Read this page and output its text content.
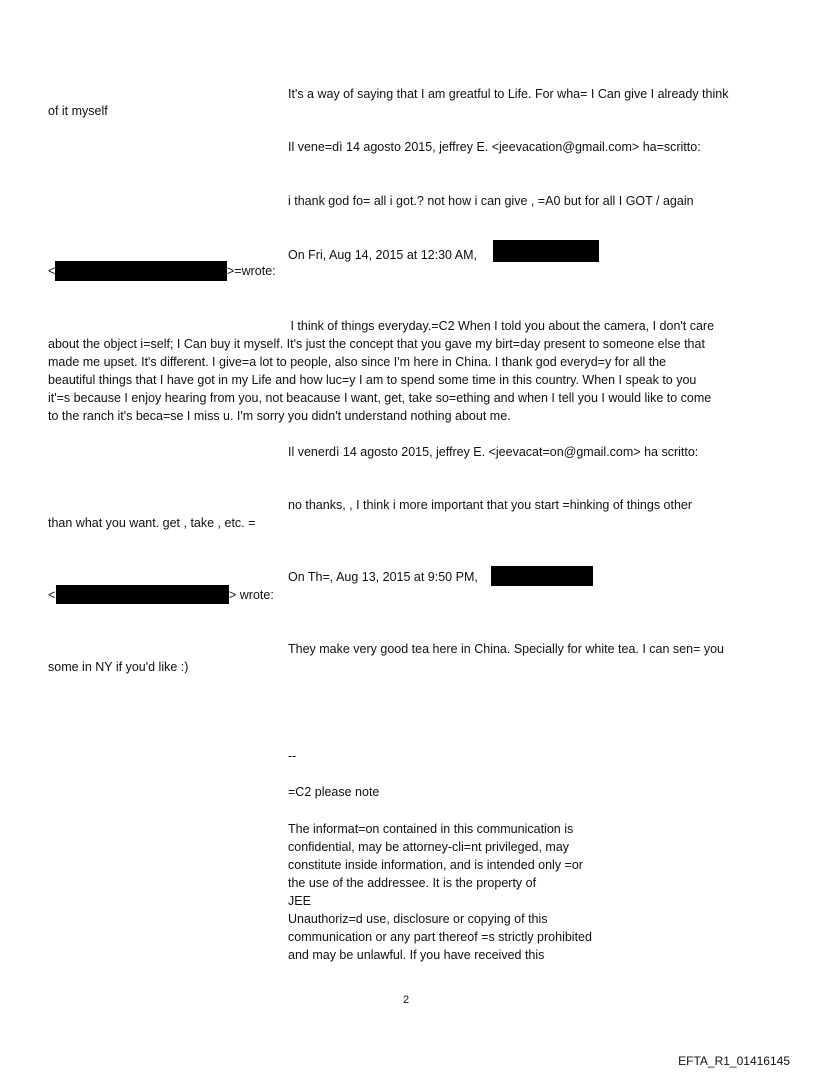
It's a way of saying that I am greatful to Life. For wha= I Can give I already think
of it myself
Il vene=dì 14 agosto 2015, jeffrey E. <jeevacation@gmail.com> ha=scritto:
i thank god fo= all i got.? not how i can give , =A0 but for all I GOT / again
On Fri, Aug 14, 2015 at 12:30 AM,
<	>=wrote:
I think of things everyday.=C2 When I told you about the camera, I don't care
about the object i=self; I Can buy it myself. It's just the concept that you gave my birt=day present to someone else that
made me upset. It's different. I give=a lot to people, also since I'm here in China. I thank god everyd=y for all the
beautiful things that I have got in my Life and how luc=y I am to spend some time in this country. When I speak to you
it'=s because I enjoy hearing from you, not beacause I want, get, take so=ething and when I tell you I would like to come
to the ranch it's beca=se I miss u. I'm sorry you didn't understand nothing about me.
Il venerdì 14 agosto 2015, jeffrey E. <jeevacat=on@gmail.com> ha scritto:
no thanks, , I think i more important that you start =hinking of things other
than what you want. get , take , etc. =
On Th=, Aug 13, 2015 at 9:50 PM,
<	> wrote:
They make very good tea here in China. Specially for white tea. I can sen= you
some in NY if you'd like :)
--
=C2 please note
The informat=on contained in this communication is
confidential, may be attorney-cli=nt privileged, may
constitute inside information, and is intended only =or
the use of the addressee. It is the property of
JEE
Unauthoriz=d use, disclosure or copying of this
communication or any part thereof =s strictly prohibited
and may be unlawful. If you have received this
2
EFTA_R1_01416145
